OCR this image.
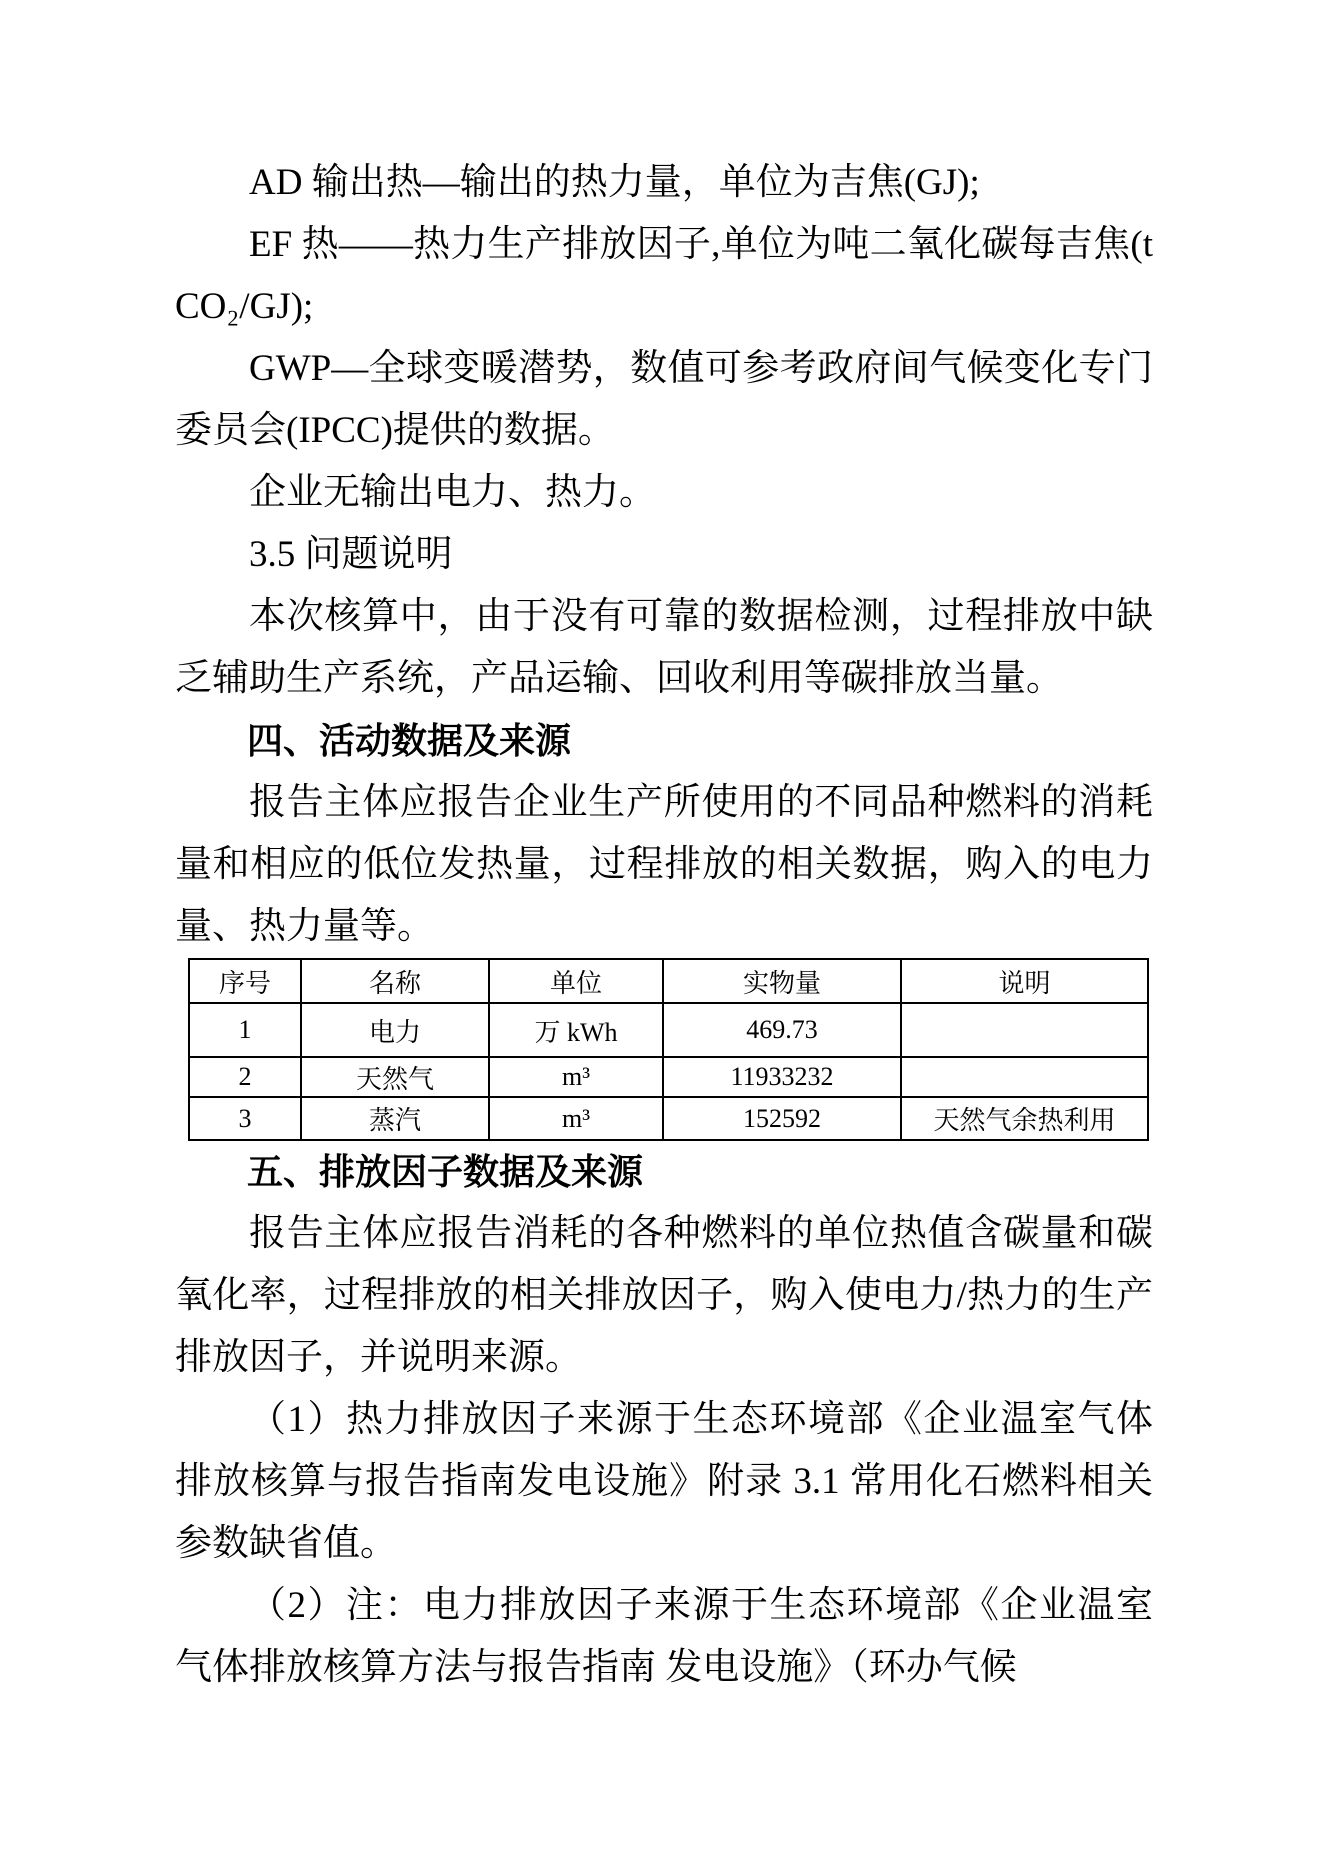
AD 输出热—输出的热力量，单位为吉焦(GJ);

EF 热——热力生产排放因子,单位为吨二氧化碳每吉焦(tCO₂/GJ);

GWP—全球变暖潜势，数值可参考政府间气候变化专门委员会(IPCC)提供的数据。

企业无输出电力、热力。

3.5 问题说明

本次核算中，由于没有可靠的数据检测，过程排放中缺乏辅助生产系统，产品运输、回收利用等碳排放当量。

四、活动数据及来源

报告主体应报告企业生产所使用的不同品种燃料的消耗量和相应的低位发热量，过程排放的相关数据，购入的电力量、热力量等。

序号	名称	单位	实物量	说明
1	电力	万 kWh	469.73	
2	天然气	m³	11933232	
3	蒸汽	m³	152592	天然气余热利用
五、排放因子数据及来源

报告主体应报告消耗的各种燃料的单位热值含碳量和碳氧化率，过程排放的相关排放因子，购入使电力/热力的生产排放因子，并说明来源。

（1）热力排放因子来源于生态环境部《企业温室气体排放核算与报告指南发电设施》附录 3.1 常用化石燃料相关参数缺省值。

（2）注：电力排放因子来源于生态环境部《企业温室气体排放核算方法与报告指南 发电设施》（环办气候
